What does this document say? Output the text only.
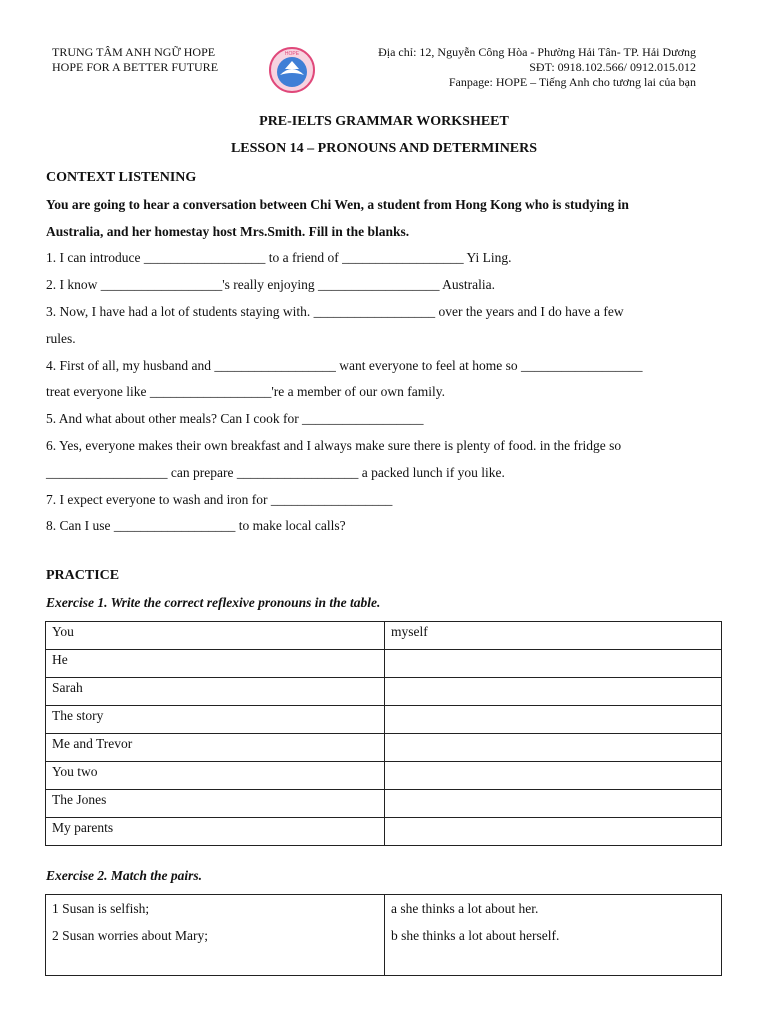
TRUNG TÂM ANH NGỮ HOPE
HOPE FOR A BETTER FUTURE
HOPE	Địa chỉ: 12, Nguyễn Công Hòa - Phường Hải Tân- TP. Hải Dương
SĐT: 0918.102.566/ 0912.015.012
Fanpage: HOPE – Tiếng Anh cho tương lai của bạn
PRE-IELTS GRAMMAR WORKSHEET
LESSON 14 – PRONOUNS AND DETERMINERS
CONTEXT LISTENING
You are going to hear a conversation between Chi Wen, a student from Hong Kong who is studying in
Australia, and her homestay host Mrs.Smith. Fill in the blanks.
1. I can introduce __________________ to a friend of __________________ Yi Ling.
2. I know __________________'s really enjoying __________________ Australia.
3. Now, I have had a lot of students staying with. __________________ over the years and I do have a few
rules.
4. First of all, my husband and __________________ want everyone to feel at home so __________________
treat everyone like __________________'re a member of our own family.
5. And what about other meals? Can I cook for __________________
6. Yes, everyone makes their own breakfast and I always make sure there is plenty of food. in the fridge so
__________________ can prepare __________________ a packed lunch if you like.
7. I expect everyone to wash and iron for __________________
8. Can I use __________________ to make local calls?
PRACTICE
Exercise 1. Write the correct reflexive pronouns in the table.
You	myself
He	
Sarah	
The story	
Me and Trevor	
You two	
The Jones	
My parents	
Exercise 2. Match the pairs.
1 Susan is selfish;
2 Susan worries about Mary;

a she thinks a lot about her.
b she thinks a lot about herself.
